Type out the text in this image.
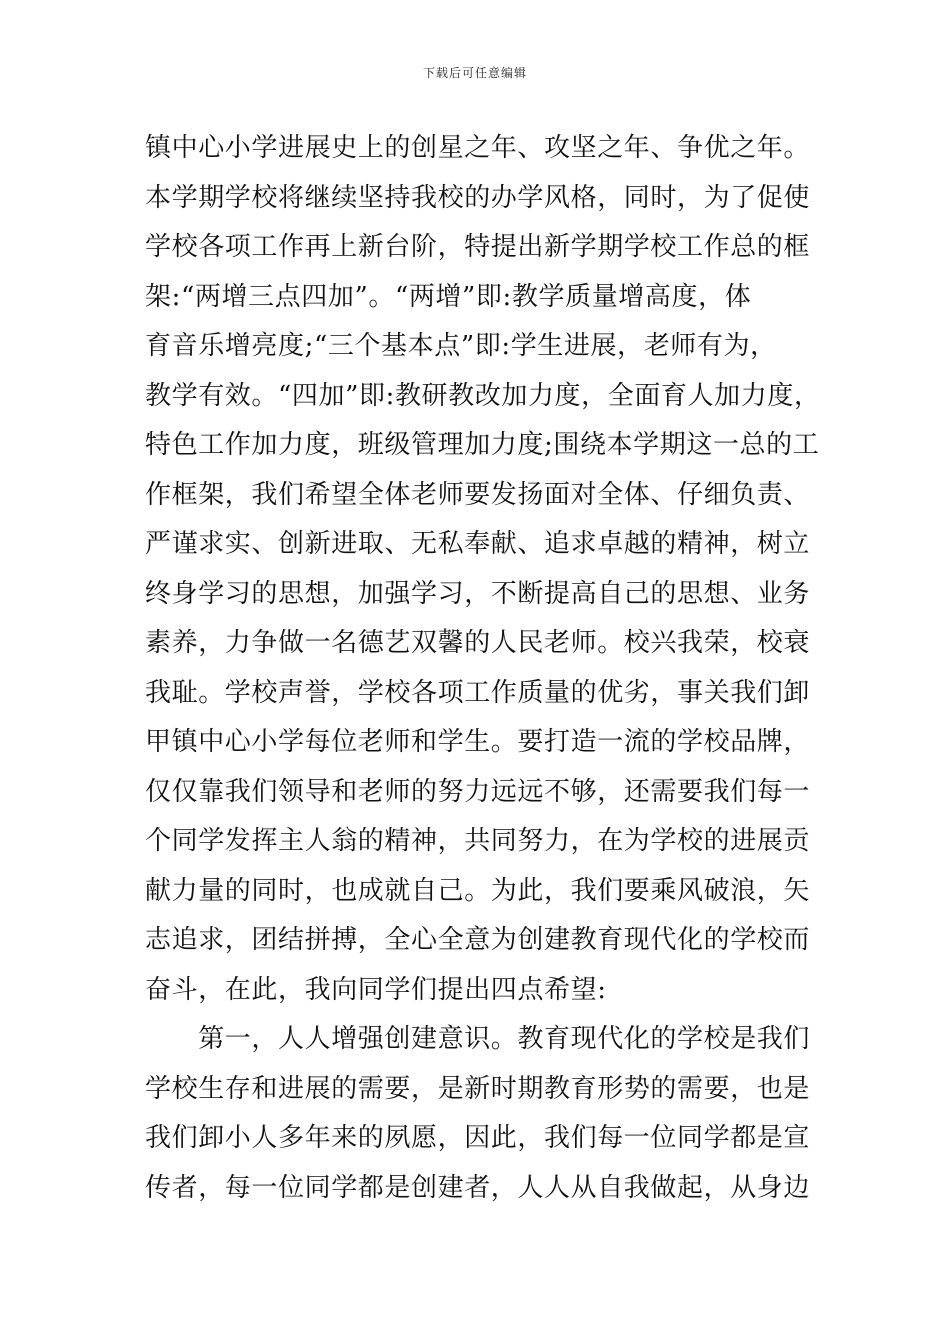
下载后可任意编辑
镇中心小学进展史上的创星之年、攻坚之年、争优之年。
本学期学校将继续坚持我校的办学风格，同时，为了促使
学校各项工作再上新台阶，特提出新学期学校工作总的框
架:“两增三点四加”。“两增”即:教学质量增高度，体
育音乐增亮度;“三个基本点”即:学生进展，老师有为，
教学有效。“四加”即:教研教改加力度，全面育人加力度，
特色工作加力度，班级管理加力度;围绕本学期这一总的工
作框架，我们希望全体老师要发扬面对全体、仔细负责、
严谨求实、创新进取、无私奉献、追求卓越的精神，树立
终身学习的思想，加强学习，不断提高自己的思想、业务
素养，力争做一名德艺双馨的人民老师。校兴我荣，校衰
我耻。学校声誉，学校各项工作质量的优劣，事关我们卸
甲镇中心小学每位老师和学生。要打造一流的学校品牌，
仅仅靠我们领导和老师的努力远远不够，还需要我们每一
个同学发挥主人翁的精神，共同努力，在为学校的进展贡
献力量的同时，也成就自己。为此，我们要乘风破浪，矢
志追求，团结拼搏，全心全意为创建教育现代化的学校而
奋斗，在此，我向同学们提出四点希望:
　　第一，人人增强创建意识。教育现代化的学校是我们
学校生存和进展的需要，是新时期教育形势的需要，也是
我们卸小人多年来的夙愿，因此，我们每一位同学都是宣
传者，每一位同学都是创建者，人人从自我做起，从身边
